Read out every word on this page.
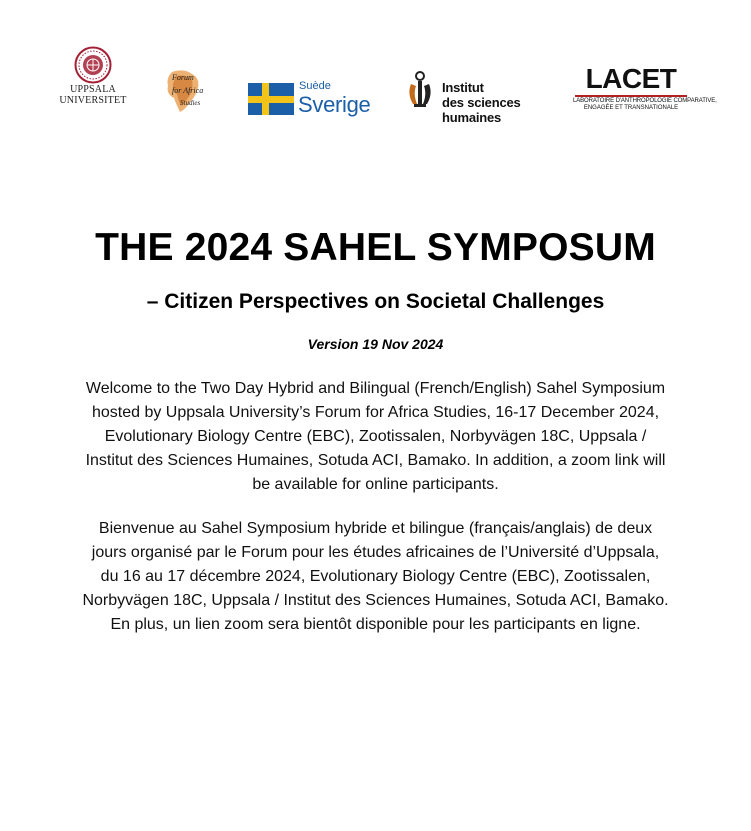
UPPSALA
UNIVERSITET
Forum
for Africa
Studies
Suède
Sverige
Institut
des sciences
humaines
LACET
LABORATOIRE D'ANTHROPOLOGIE COMPARATIVE,
ENGAGÉE ET TRANSNATIONALE
THE 2024 SAHEL SYMPOSUM
– Citizen Perspectives on Societal Challenges
Version 19 Nov 2024
Welcome to the Two Day Hybrid and Bilingual (French/English) Sahel Symposium
hosted by Uppsala University’s Forum for Africa Studies, 16-17 December 2024,
Evolutionary Biology Centre (EBC), Zootissalen, Norbyvägen 18C, Uppsala /
Institut des Sciences Humaines, Sotuda ACI, Bamako. In addition, a zoom link will
be available for online participants.
Bienvenue au Sahel Symposium hybride et bilingue (français/anglais) de deux
jours organisé par le Forum pour les études africaines de l’Université d’Uppsala,
du 16 au 17 décembre 2024, Evolutionary Biology Centre (EBC), Zootissalen,
Norbyvägen 18C, Uppsala / Institut des Sciences Humaines, Sotuda ACI, Bamako.
En plus, un lien zoom sera bientôt disponible pour les participants en ligne.
